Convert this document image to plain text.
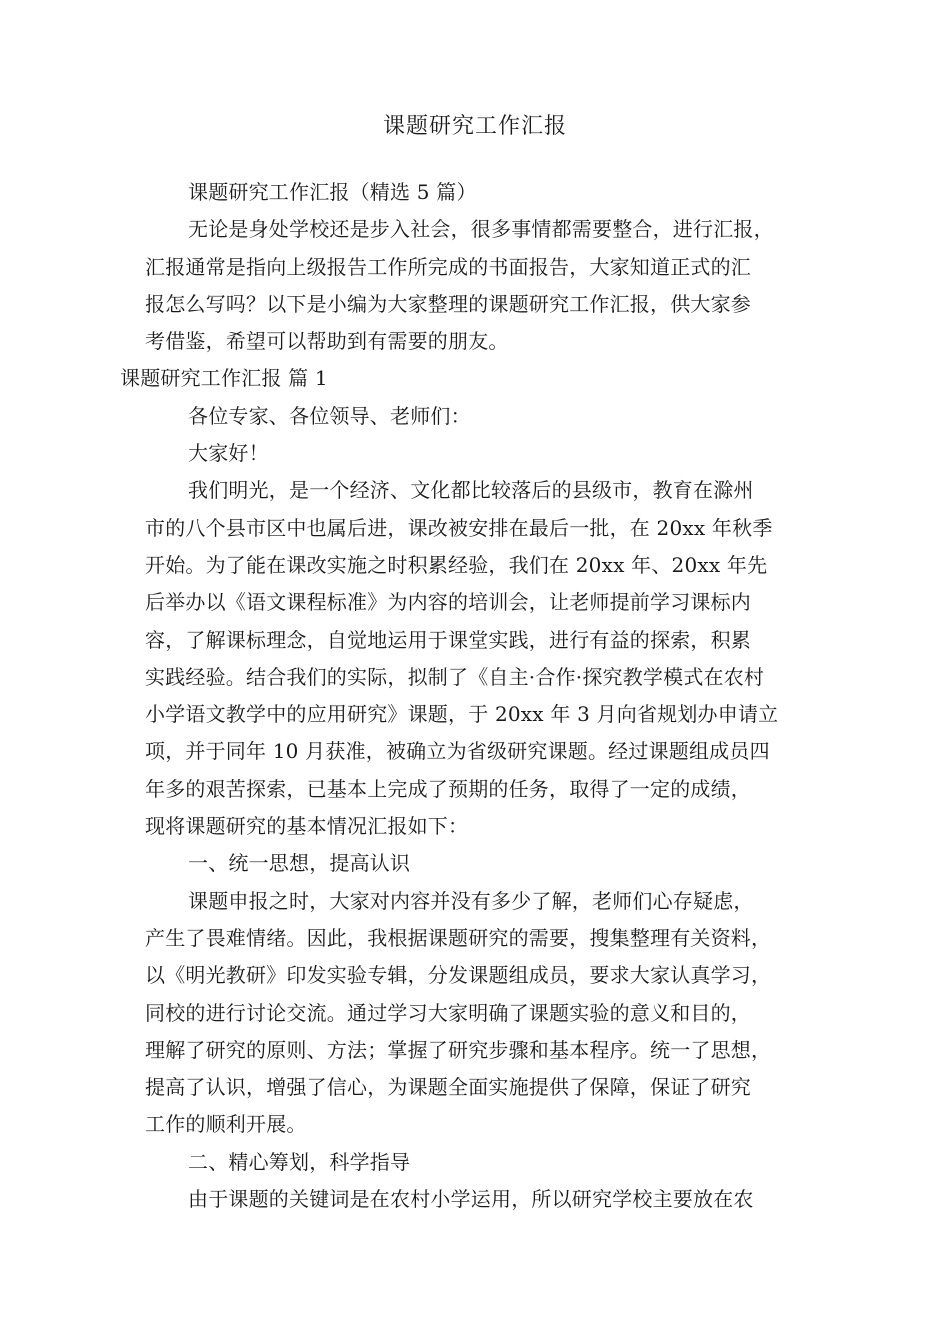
课题研究工作汇报
课题研究工作汇报（精选 5 篇）
无论是身处学校还是步入社会，很多事情都需要整合，进行汇报，
汇报通常是指向上级报告工作所完成的书面报告，大家知道正式的汇
报怎么写吗？以下是小编为大家整理的课题研究工作汇报，供大家参
考借鉴，希望可以帮助到有需要的朋友。
课题研究工作汇报 篇 1
各位专家、各位领导、老师们：
大家好！
我们明光，是一个经济、文化都比较落后的县级市，教育在滁州
市的八个县市区中也属后进，课改被安排在最后一批，在 20xx 年秋季
开始。为了能在课改实施之时积累经验，我们在 20xx 年、20xx 年先
后举办以《语文课程标准》为内容的培训会，让老师提前学习课标内
容，了解课标理念，自觉地运用于课堂实践，进行有益的探索，积累
实践经验。结合我们的实际，拟制了《自主·合作·探究教学模式在农村
小学语文教学中的应用研究》课题，于 20xx 年 3 月向省规划办申请立
项，并于同年 10 月获准，被确立为省级研究课题。经过课题组成员四
年多的艰苦探索，已基本上完成了预期的任务，取得了一定的成绩，
现将课题研究的基本情况汇报如下：
一、统一思想，提高认识
课题申报之时，大家对内容并没有多少了解，老师们心存疑虑，
产生了畏难情绪。因此，我根据课题研究的需要，搜集整理有关资料，
以《明光教研》印发实验专辑，分发课题组成员，要求大家认真学习，
同校的进行讨论交流。通过学习大家明确了课题实验的意义和目的，
理解了研究的原则、方法；掌握了研究步骤和基本程序。统一了思想，
提高了认识，增强了信心，为课题全面实施提供了保障，保证了研究
工作的顺利开展。
二、精心筹划，科学指导
由于课题的关键词是在农村小学运用，所以研究学校主要放在农
